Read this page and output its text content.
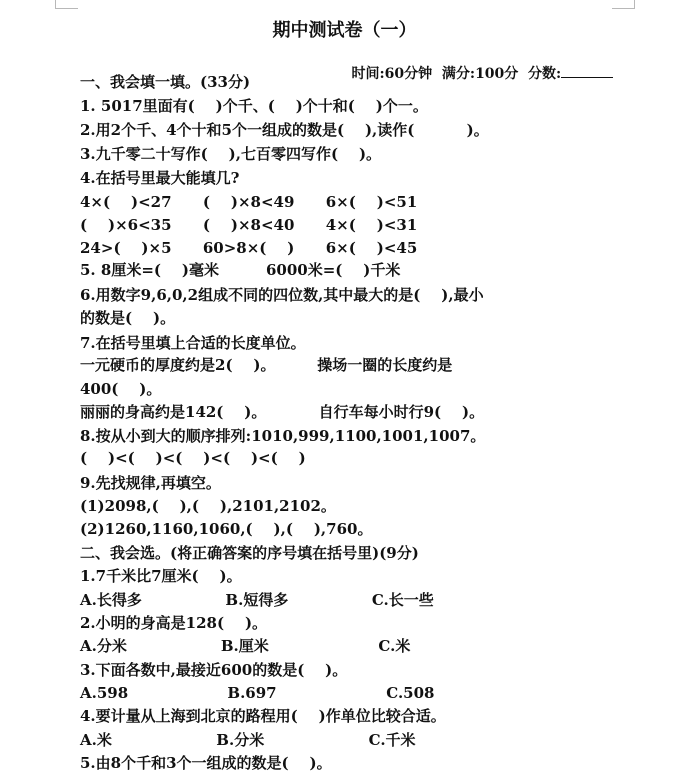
期中测试卷（一）

时间:60分钟  满分:100分  分数:

一、我会填一填。(33分)
1. 5017里面有(    )个千、(    )个十和(    )个一。
2.用2个千、4个十和5个一组成的数是(    ),读作(          )。
3.九千零二十写作(    ),七百零四写作(    )。
4.在括号里最大能填几?
4×(    )<27      (    )×8<49      6×(    )<51
(    )×6<35      (    )×8<40      4×(    )<31
24>(    )×5      60>8×(    )      6×(    )<45
5. 8厘米=(    )毫米         6000米=(    )千米
6.用数字9,6,0,2组成不同的四位数,其中最大的是(    ),最小
的数是(    )。
7.在括号里填上合适的长度单位。
一元硬币的厚度约是2(    )。        操场一圈的长度约是
400(    )。
丽丽的身高约是142(    )。          自行车每小时行9(    )。
8.按从小到大的顺序排列:1010,999,1100,1001,1007。
(    )<(    )<(    )<(    )<(    )
9.先找规律,再填空。
(1)2098,(    ),(    ),2101,2102。
(2)1260,1160,1060,(    ),(    ),760。
二、我会选。(将正确答案的序号填在括号里)(9分)
1.7千米比7厘米(    )。
A.长得多                B.短得多                C.长一些
2.小明的身高是128(    )。
A.分米                  B.厘米                     C.米
3.下面各数中,最接近600的数是(    )。
A.598                   B.697                     C.508
4.要计量从上海到北京的路程用(    )作单位比较合适。
A.米                    B.分米                    C.千米
5.由8个千和3个一组成的数是(    )。
